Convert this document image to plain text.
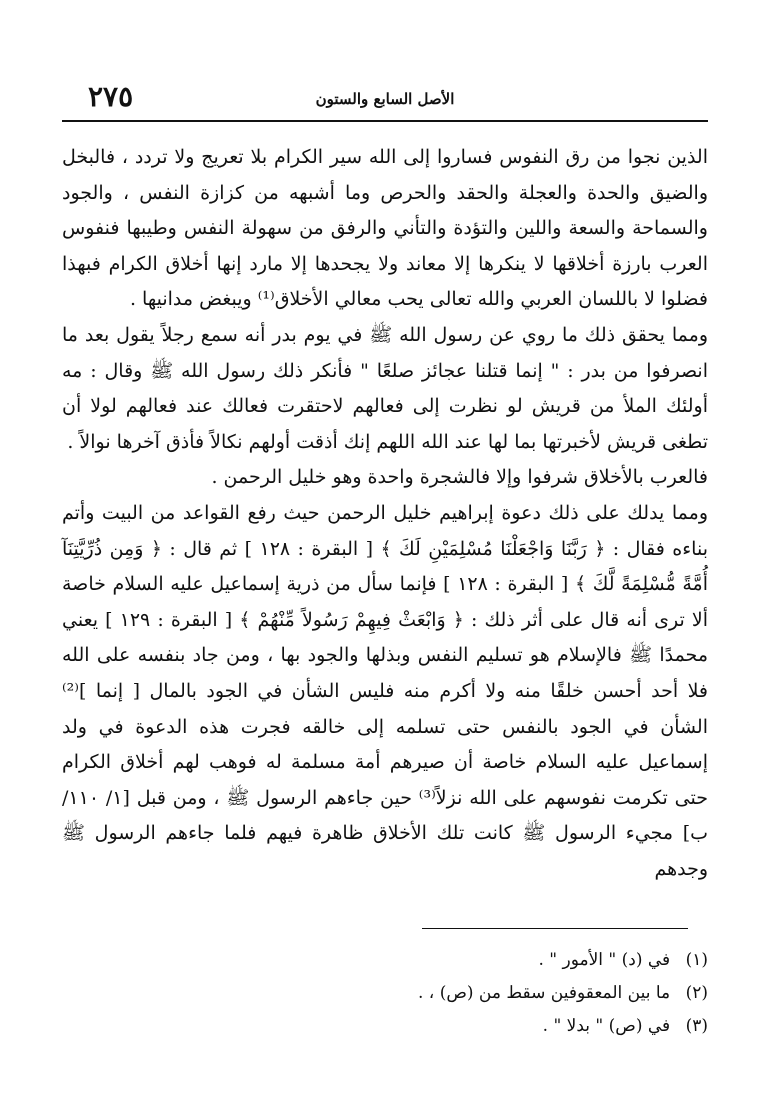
٢٧٥	الأصل السابع والستون

الذين نجوا من رق النفوس فساروا إلى الله سير الكرام بلا تعريج ولا تردد ، فالبخل والضيق والحدة والعجلة والحقد والحرص وما أشبهه من كزازة النفس ، والجود والسماحة والسعة واللين والتؤدة والتأني والرفق من سهولة النفس وطيبها فنفوس العرب بارزة أخلاقها لا ينكرها إلا معاند ولا يجحدها إلا مارد إنها أخلاق الكرام فبهذا فضلوا لا باللسان العربي والله تعالى يحب معالي الأخلاق⁽¹⁾ ويبغض مدانيها .

ومما يحقق ذلك ما روي عن رسول الله ﷺ في يوم بدر أنه سمع رجلاً يقول بعد ما انصرفوا من بدر : " إنما قتلنا عجائز صلعًا " فأنكر ذلك رسول الله ﷺ وقال : مه أولئك الملأ من قريش لو نظرت إلى فعالهم لاحتقرت فعالك عند فعالهم لولا أن تطغى قريش لأخبرتها بما لها عند الله اللهم إنك أذقت أولهم نكالاً فأذق آخرها نوالاً .

فالعرب بالأخلاق شرفوا وإلا فالشجرة واحدة وهو خليل الرحمن .

ومما يدلك على ذلك دعوة إبراهيم خليل الرحمن حيث رفع القواعد من البيت وأتم بناءه فقال : ﴿ رَبَّنَا وَاجْعَلْنَا مُسْلِمَيْنِ لَكَ ﴾ [ البقرة : ١٢٨ ] ثم قال : ﴿ وَمِن ذُرِّيَّتِنَآ أُمَّةً مُّسْلِمَةً لَّكَ ﴾ [ البقرة : ١٢٨ ] فإنما سأل من ذرية إسماعيل عليه السلام خاصة ألا ترى أنه قال على أثر ذلك : ﴿ وَابْعَثْ فِيهِمْ رَسُولاً مِّنْهُمْ ﴾ [ البقرة : ١٢٩ ] يعني محمدًا ﷺ فالإسلام هو تسليم النفس وبذلها والجود بها ، ومن جاد بنفسه على الله فلا أحد أحسن خلقًا منه ولا أكرم منه فليس الشأن في الجود بالمال [ إنما ]⁽²⁾ الشأن في الجود بالنفس حتى تسلمه إلى خالقه فجرت هذه الدعوة في ولد إسماعيل عليه السلام خاصة أن صيرهم أمة مسلمة له فوهب لهم أخلاق الكرام حتى تكرمت نفوسهم على الله نزلاً⁽³⁾ حين جاءهم الرسول ﷺ ، ومن قبل [١/ ١١٠/ ب] مجيء الرسول ﷺ كانت تلك الأخلاق ظاهرة فيهم فلما جاءهم الرسول ﷺ وجدهم

(١) في (د) " الأمور " .
(٢) ما بين المعقوفين سقط من (ص) ، .
(٣) في (ص) " بدلا " .
